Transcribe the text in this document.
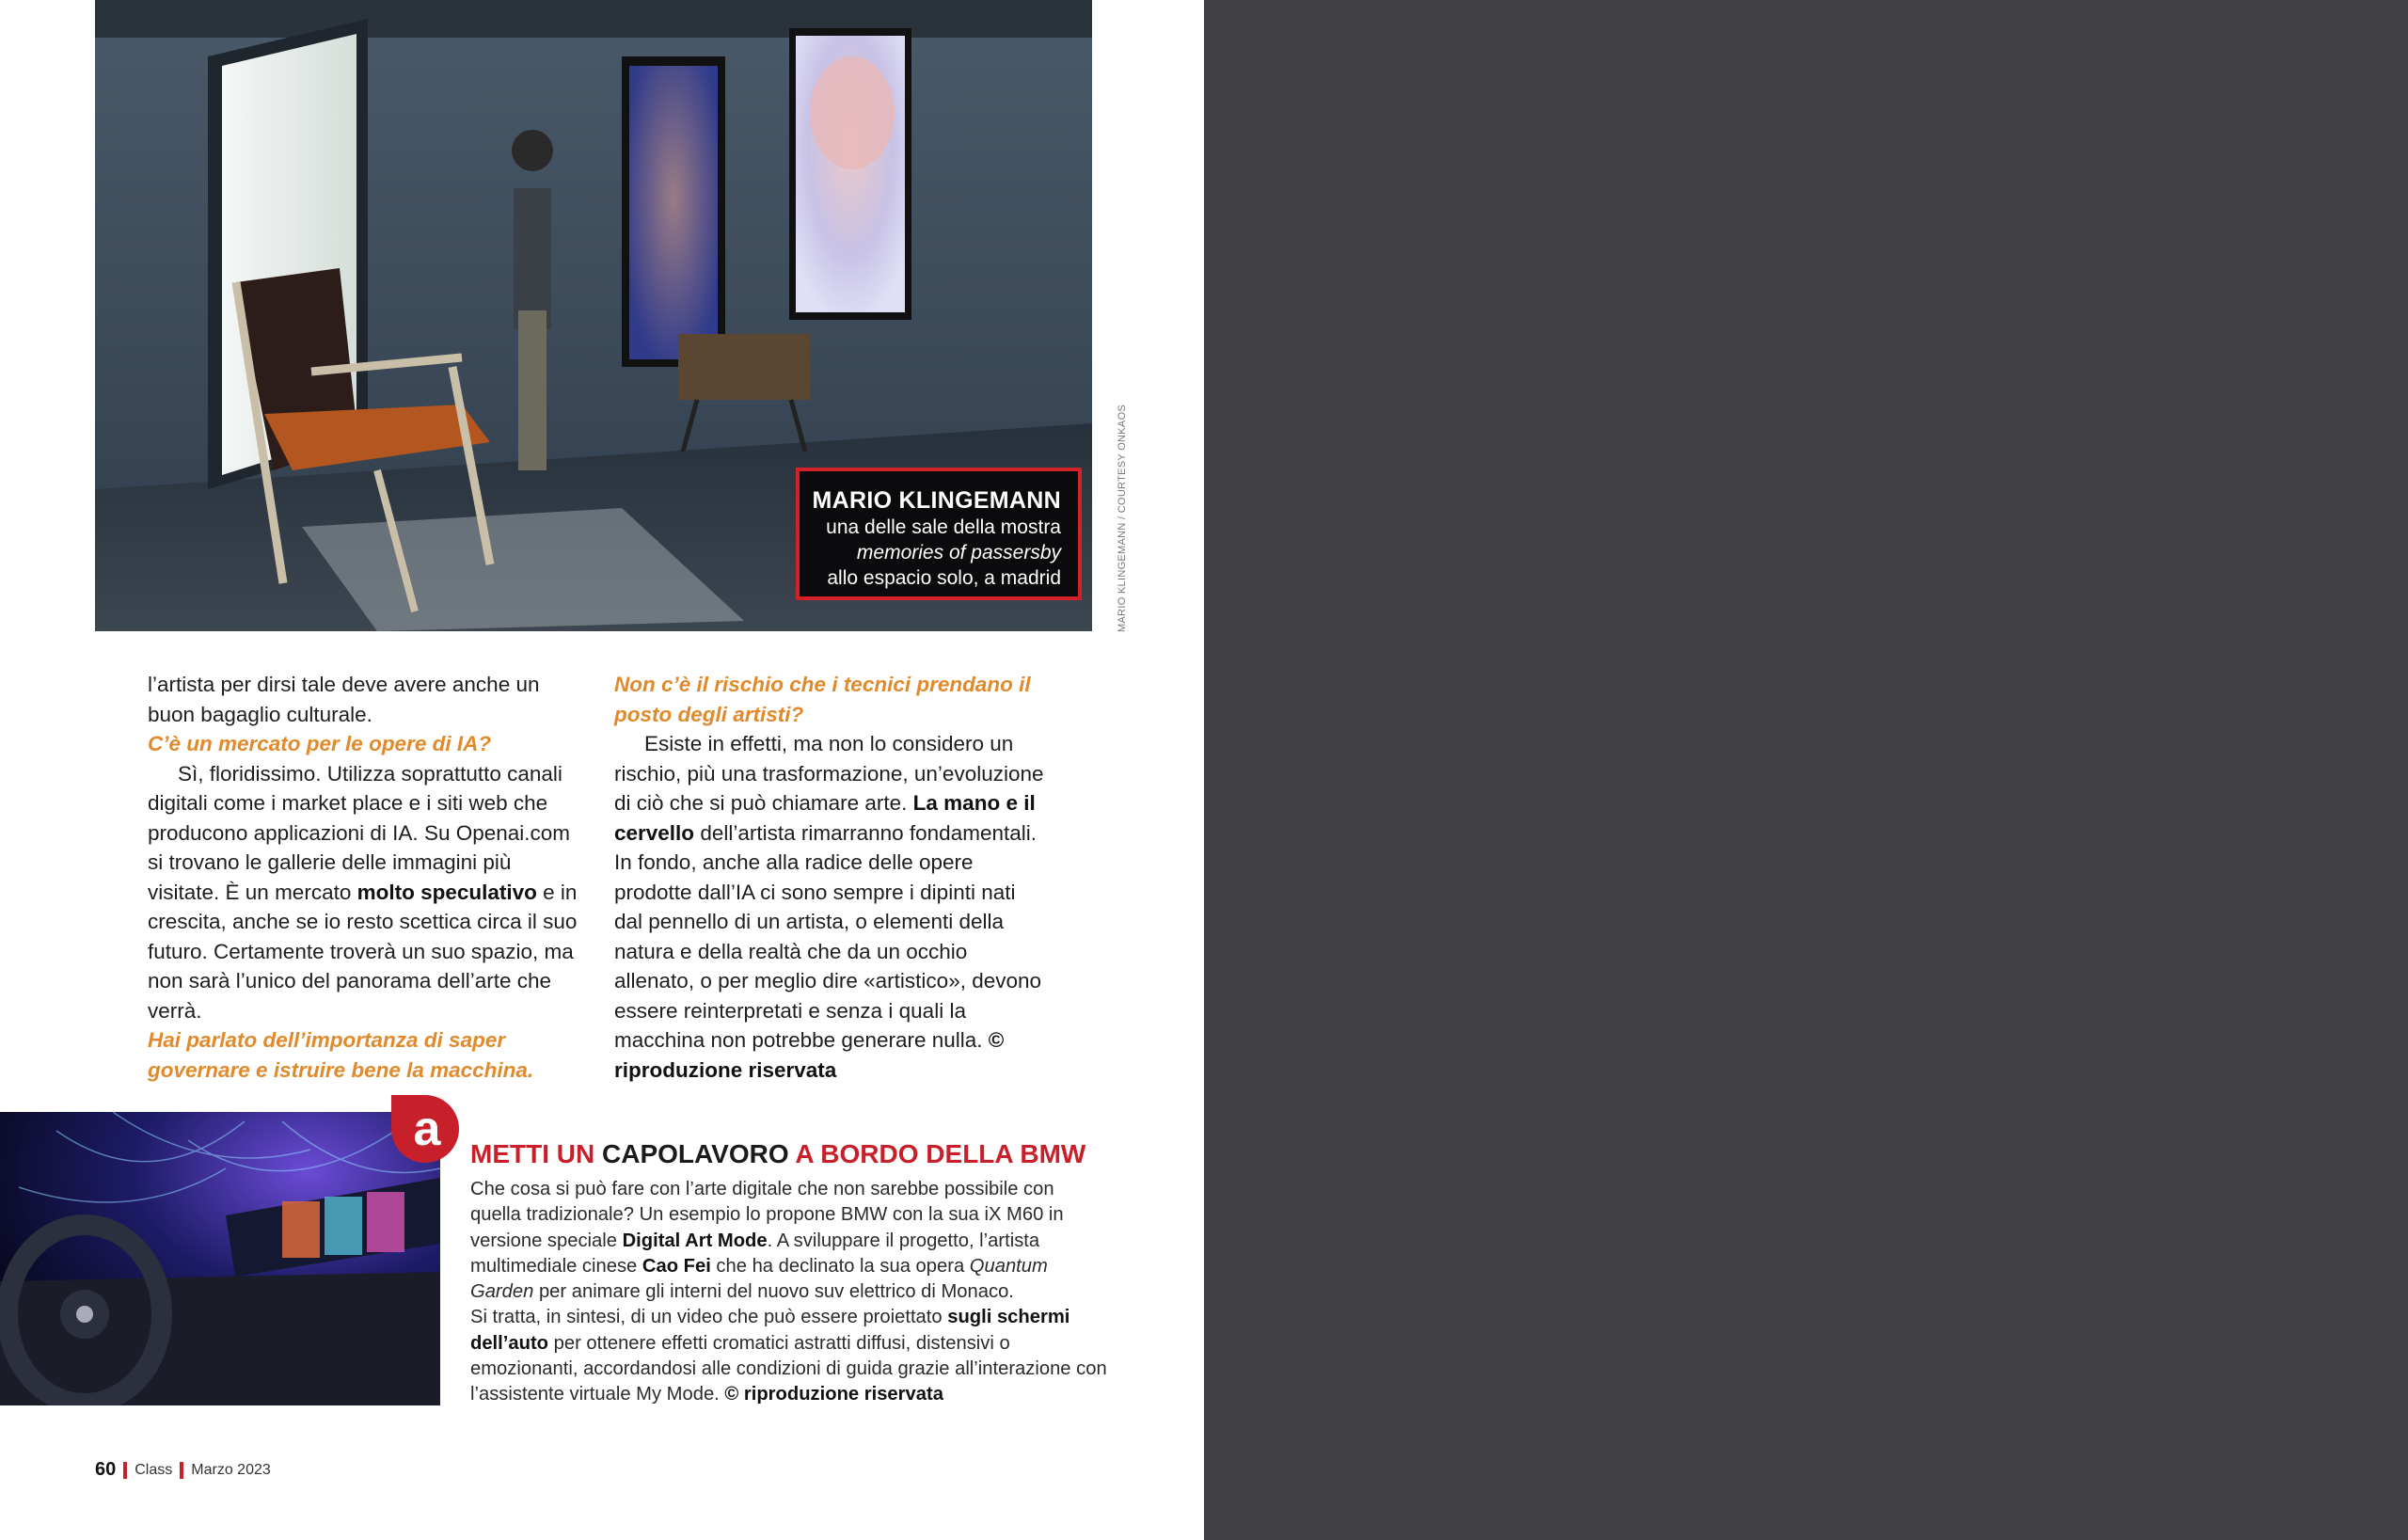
MARIO KLINGEMANN
una delle sale della mostra
memories of passersby
allo espacio solo, a madrid	MARIO KLINGEMANN / COURTESY ONKAOS

l’artista per dirsi tale deve avere anche un buon bagaglio culturale.

C’è un mercato per le opere di IA?

Sì, floridissimo. Utilizza soprattutto canali digitali come i market place e i siti web che producono applicazioni di IA. Su Openai.com si trovano le gallerie delle immagini più visitate. È un mercato molto speculativo e in crescita, anche se io resto scettica circa il suo futuro. Certamente troverà un suo spazio, ma non sarà l’unico del panorama dell’arte che verrà.

Hai parlato dell’importanza di saper governare e istruire bene la macchina.

Non c’è il rischio che i tecnici prendano il posto degli artisti?

Esiste in effetti, ma non lo considero un rischio, più una trasformazione, un’evoluzione di ciò che si può chiamare arte. La mano e il cervello dell’artista rimarranno fondamentali. In fondo, anche alla radice delle opere prodotte dall’IA ci sono sempre i dipinti nati dal pennello di un artista, o elementi della natura e della realtà che da un occhio allenato, o per meglio dire «artistico», devono essere reinterpretati e senza i quali la macchina non potrebbe generare nulla. © riproduzione riservata

a METTI UN CAPOLAVORO A BORDO DELLA BMW

Che cosa si può fare con l’arte digitale che non sarebbe possibile con quella tradizionale? Un esempio lo propone BMW con la sua iX M60 in versione speciale Digital Art Mode. A sviluppare il progetto, l’artista multimediale cinese Cao Fei che ha declinato la sua opera Quantum Garden per animare gli interni del nuovo suv elettrico di Monaco.

Si tratta, in sintesi, di un video che può essere proiettato sugli schermi dell’auto per ottenere effetti cromatici astratti diffusi, distensivi o emozionanti, accordandosi alle condizioni di guida grazie all’interazione con l’assistente virtuale My Mode. © riproduzione riservata

60 Class Marzo 2023
